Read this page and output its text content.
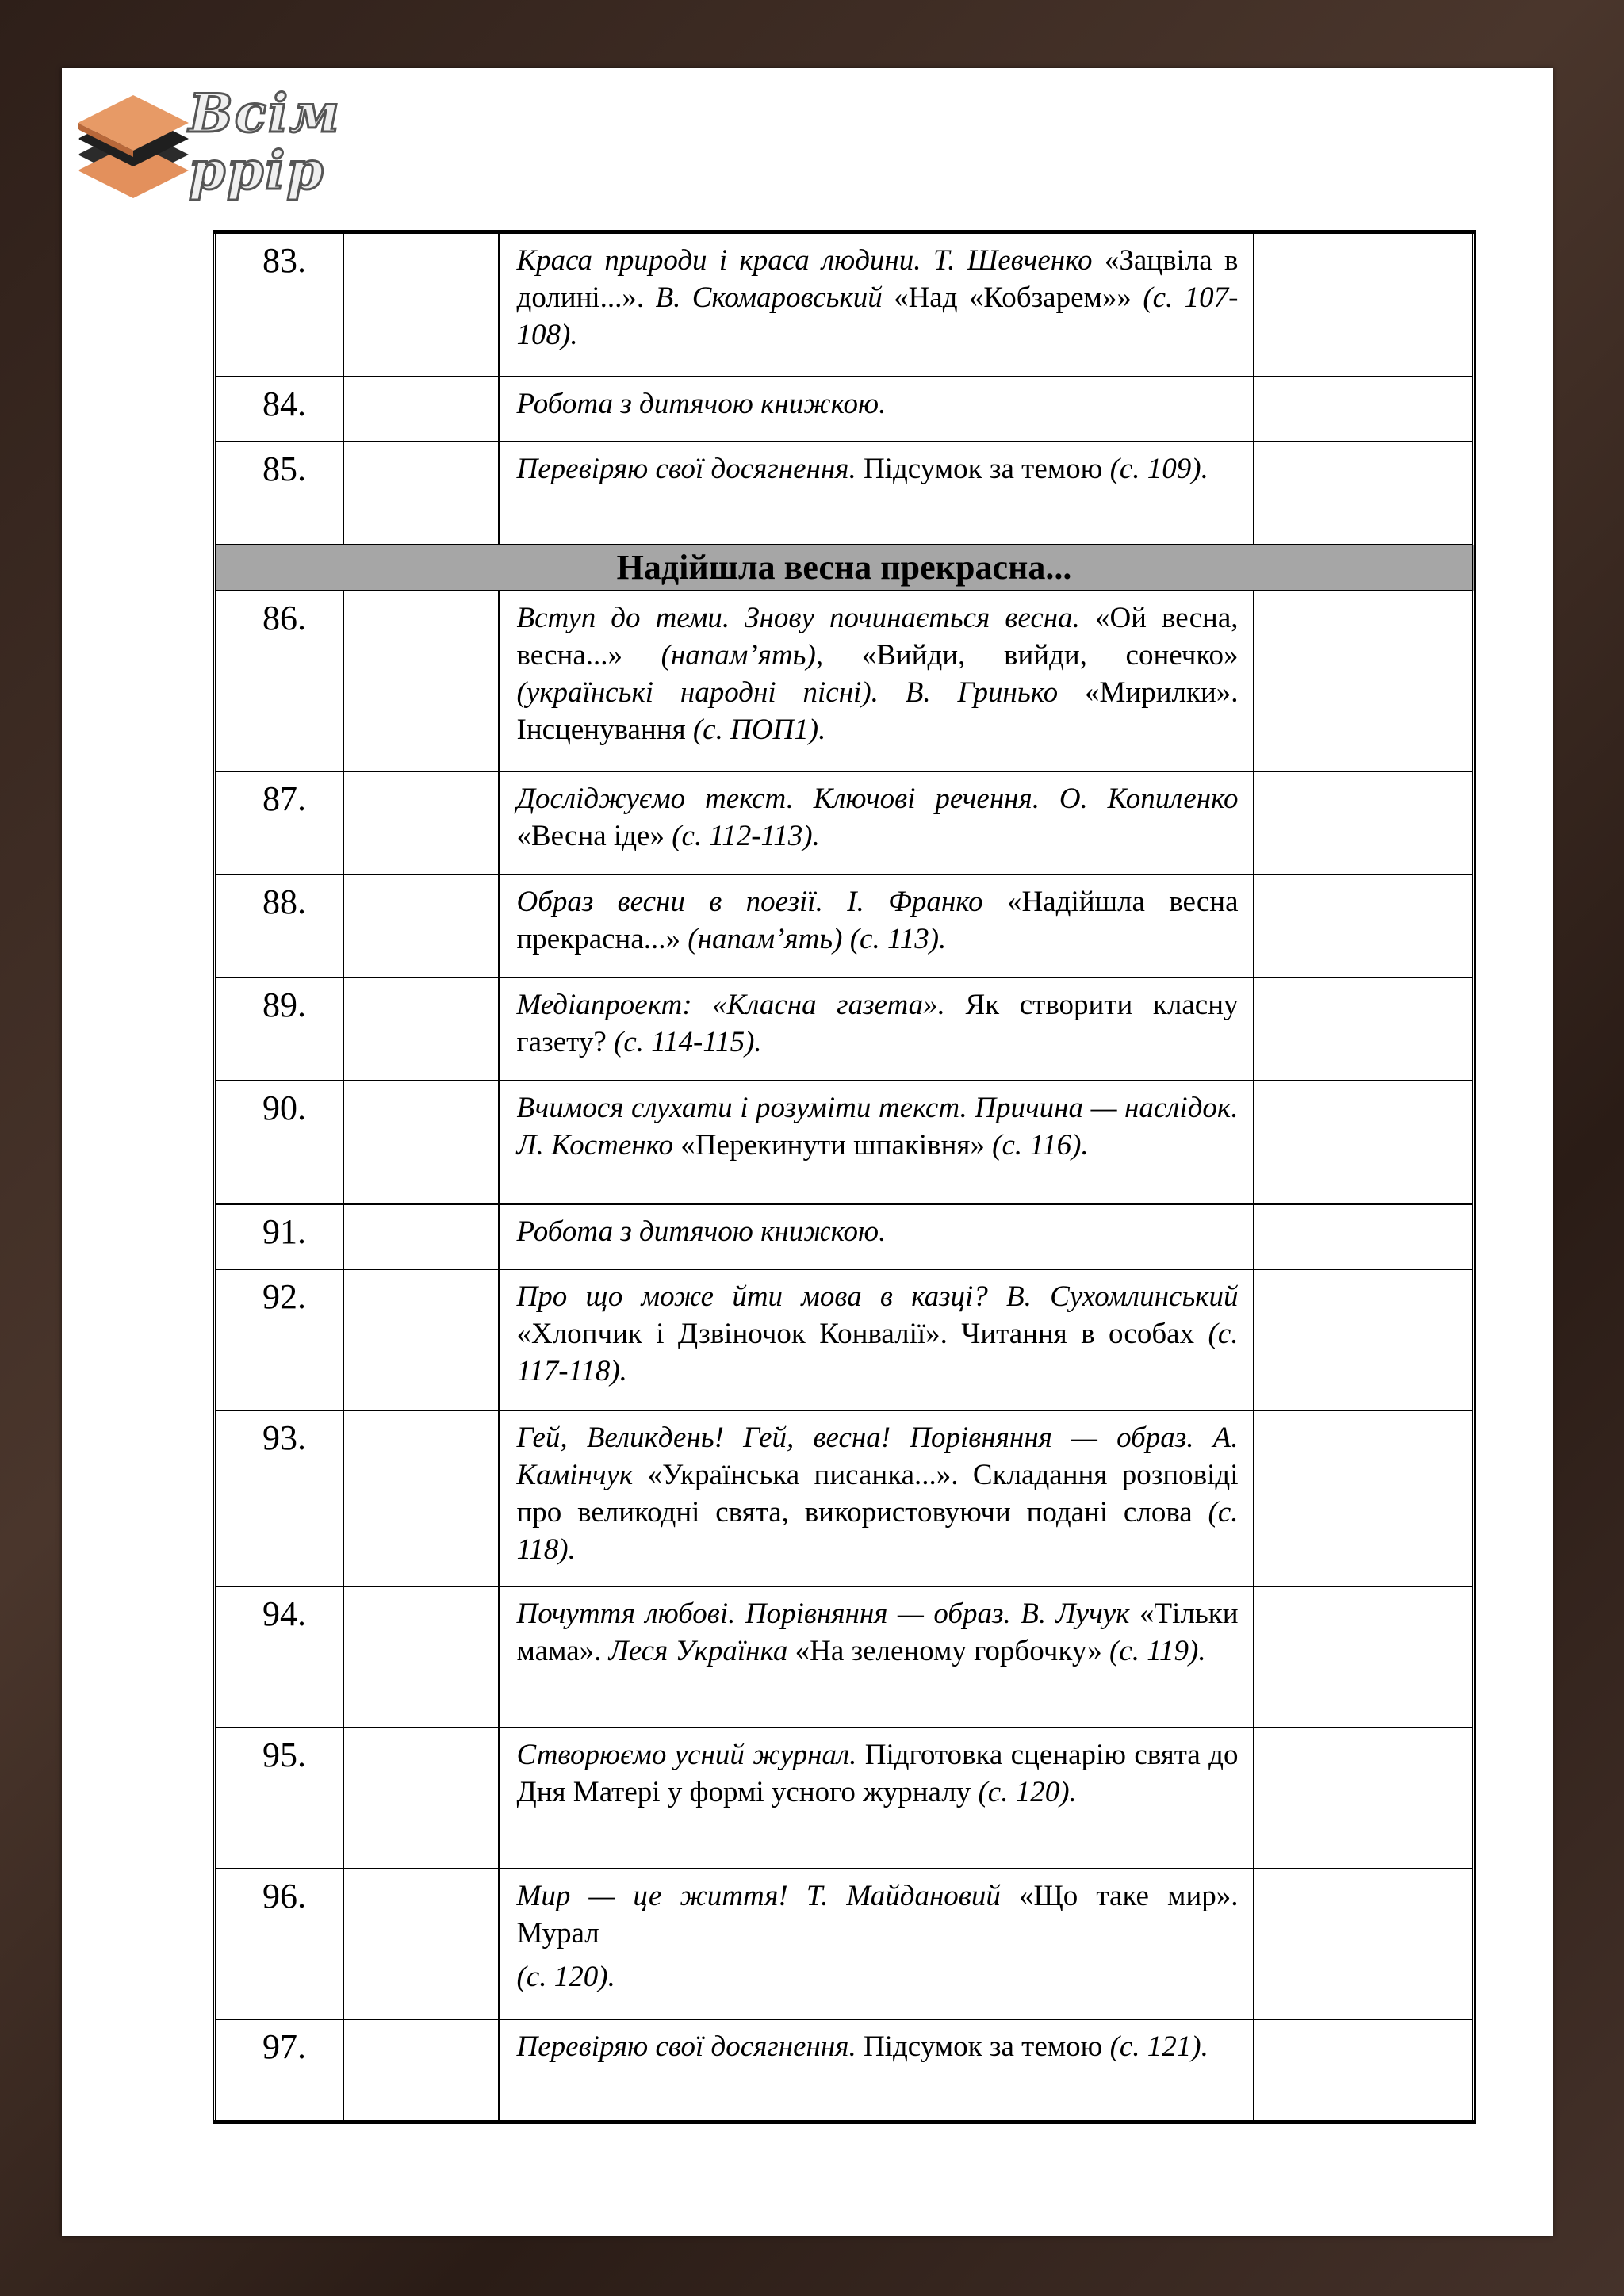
Всім
ppip
83.		Краса природи і краса людини. Т. Шевченко «Зацвіла в долині...». В. Скомаровський «Над «Кобзарем»» (с. 107- 108).	
84.		Робота з дитячою книжкою.	
85.		Перевіряю свої досягнення. Підсумок за темою (с. 109).	
Надійшла весна прекрасна...			
86.		Вступ до теми. Знову починається весна. «Ой весна, весна...» (напам’ять), «Вийди, вийди, сонечко» (українські народні пісні). В. Гринько «Мирилки». Інсценування (с. ПОП1).	
87.		Досліджуємо текст. Ключові речення. О. Копиленко «Весна іде» (с. 112-113).	
88.		Образ весни в поезії. І. Франко «Надійшла весна прекрасна...» (напам’ять) (с. 113).	
89.		Медіапроект: «Класна газета». Як створити класну газету? (с. 114-115).	
90.		Вчимося слухати і розуміти текст. Причина — наслідок. Л. Костенко «Перекинути шпаківня» (с. 116).	
91.		Робота з дитячою книжкою.	
92.		Про що може йти мова в казці? В. Сухомлинський «Хлопчик і Дзвіночок Конвалії». Читання в особах (с. 117-118).	
93.		Гей, Великдень! Гей, весна! Порівняння — образ. А. Камінчук «Українська писанка...». Складання розповіді про великодні свята, використовуючи подані слова (с. 118).	
94.		Почуття любові. Порівняння — образ. В. Лучук «Тільки мама». Леся Українка «На зеленому горбочку» (с. 119).	
95.		Створюємо усний журнал. Підготовка сценарію свята до Дня Матері у формі усного журналу (с. 120).	
96.		Мир — це життя! Т. Майдановий «Що таке мир». Мурал
(с. 120).	
97.		Перевіряю свої досягнення. Підсумок за темою (с. 121).	
